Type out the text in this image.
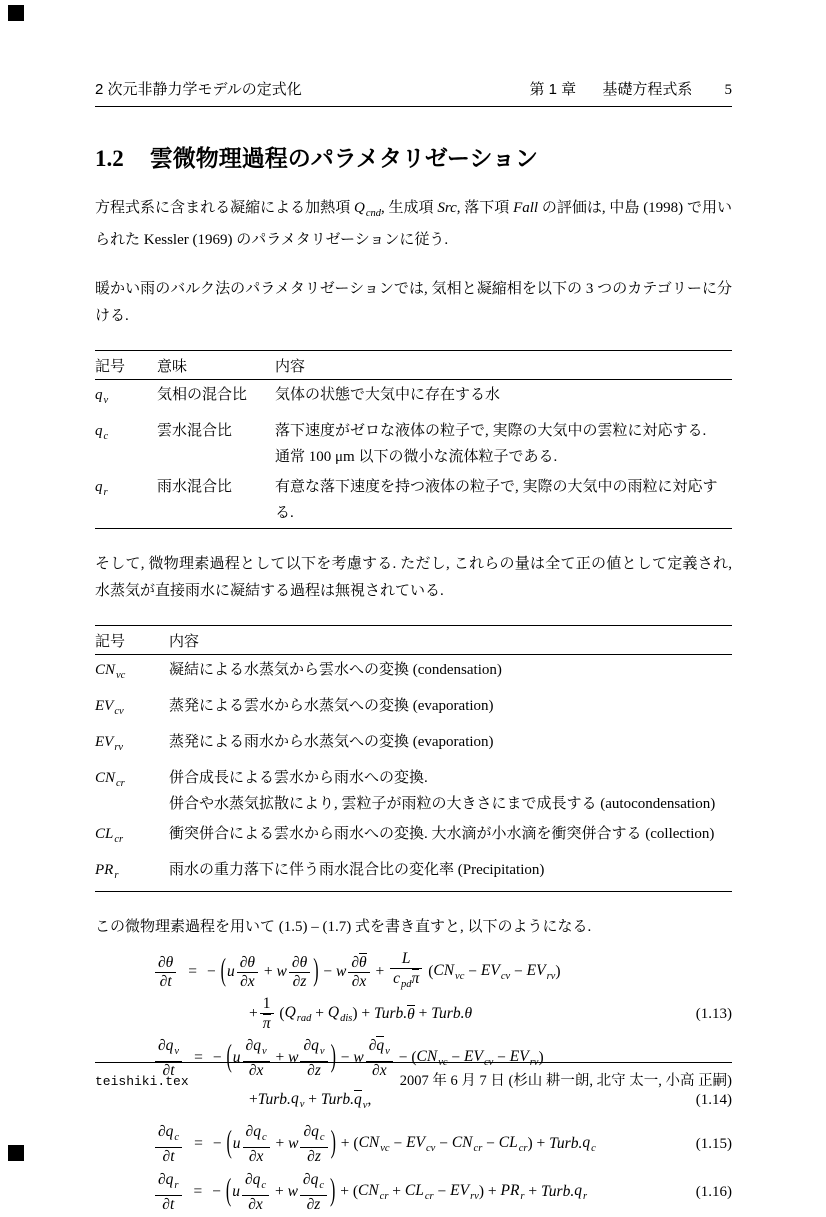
2 次元非静力学モデルの定式化	第 1 章 基礎方程式系 5
1.2 雲微物理過程のパラメタリゼーション

方程式系に含まれる凝縮による加熱項 $Q_{cnd}$, 生成項 Src, 落下項 Fall の評価は, 中島 (1998) で用いられた Kessler (1969) のパラメタリゼーションに従う.

暖かい雨のバルク法のパラメタリゼーションでは, 気相と凝縮相を以下の 3 つのカテゴリーに分ける.

記号	意味	内容
$q_v$	気相の混合比	気体の状態で大気中に存在する水

$q_c$	雲水混合比	落下速度がゼロな液体の粒子で, 実際の大気中の雲粒に対応する.
通常 100 μm 以下の微小な流体粒子である.

$q_r$	雨水混合比	有意な落下速度を持つ液体の粒子で, 実際の大気中の雨粒に対応する.

そして, 微物理素過程として以下を考慮する. ただし, これらの量は全て正の値として定義され, 水蒸気が直接雨水に凝結する過程は無視されている.

記号	内容
$CN_{vc}$	凝結による水蒸気から雲水への変換 (condensation)

$EV_{cv}$	蒸発による雲水から水蒸気への変換 (evaporation)

$EV_{rv}$	蒸発による雨水から水蒸気への変換 (evaporation)

$CN_{cr}$	併合成長による雲水から雨水への変換.
併合や水蒸気拡散により, 雲粒子が雨粒の大きさにまで成長する (autocondensation)

$CL_{cr}$	衝突併合による雲水から雨水への変換. 大水滴が小水滴を衝突併合する (collection)

$PR_r$	雨水の重力落下に伴う雨水混合比の変化率 (Precipitation)

この微物理素過程を用いて (1.5) – (1.7) 式を書き直すと, 以下のようになる.

$\frac{\partial\theta}{\partial t}$ = − ( u $\frac{\partial\theta}{\partial x} + w \frac{\partial\theta}{\partial z}$ ) − w $\frac{\partial\theta}{\partial x} + \frac{L}{c_{pd}\pi}$ ( $CN_{vc} - EV_{cv} - EV_{rv}$ )
+ $\frac{1}{\pi}$ ( $Q_{rad} + Q_{dis}$ ) + Turb. θ + Turb.θ	(1.13)
$\frac{\partial q_v}{\partial t}$ = − ( u $\frac{\partial q_v}{\partial x} + w \frac{\partial q_v}{\partial z}$ ) − w $\frac{\partial q_v}{\partial x}$ − ( $CN_{vc} - EV_{cv} - EV_{rv}$ )
+ Turb. $q_v$ + Turb. $q_v$ ,	(1.14)
$\frac{\partial q_c}{\partial t}$ = − ( u $\frac{\partial q_c}{\partial x} + w \frac{\partial q_c}{\partial z}$ ) + ( $CN_{vc} - EV_{cv} - CN_{cr} - CL_{cr}$ ) + Turb. $q_c$	(1.15)
$\frac{\partial q_r}{\partial t}$ = − ( u $\frac{\partial q_c}{\partial x} + w \frac{\partial q_c}{\partial z}$ ) + ( $CN_{cr} + CL_{cr} - EV_{rv}$ ) + $PR_r$ + Turb. $q_r$	(1.16)
teishiki.tex	2007 年 6 月 7 日 (杉山 耕一朗, 北守 太一, 小高 正嗣)
